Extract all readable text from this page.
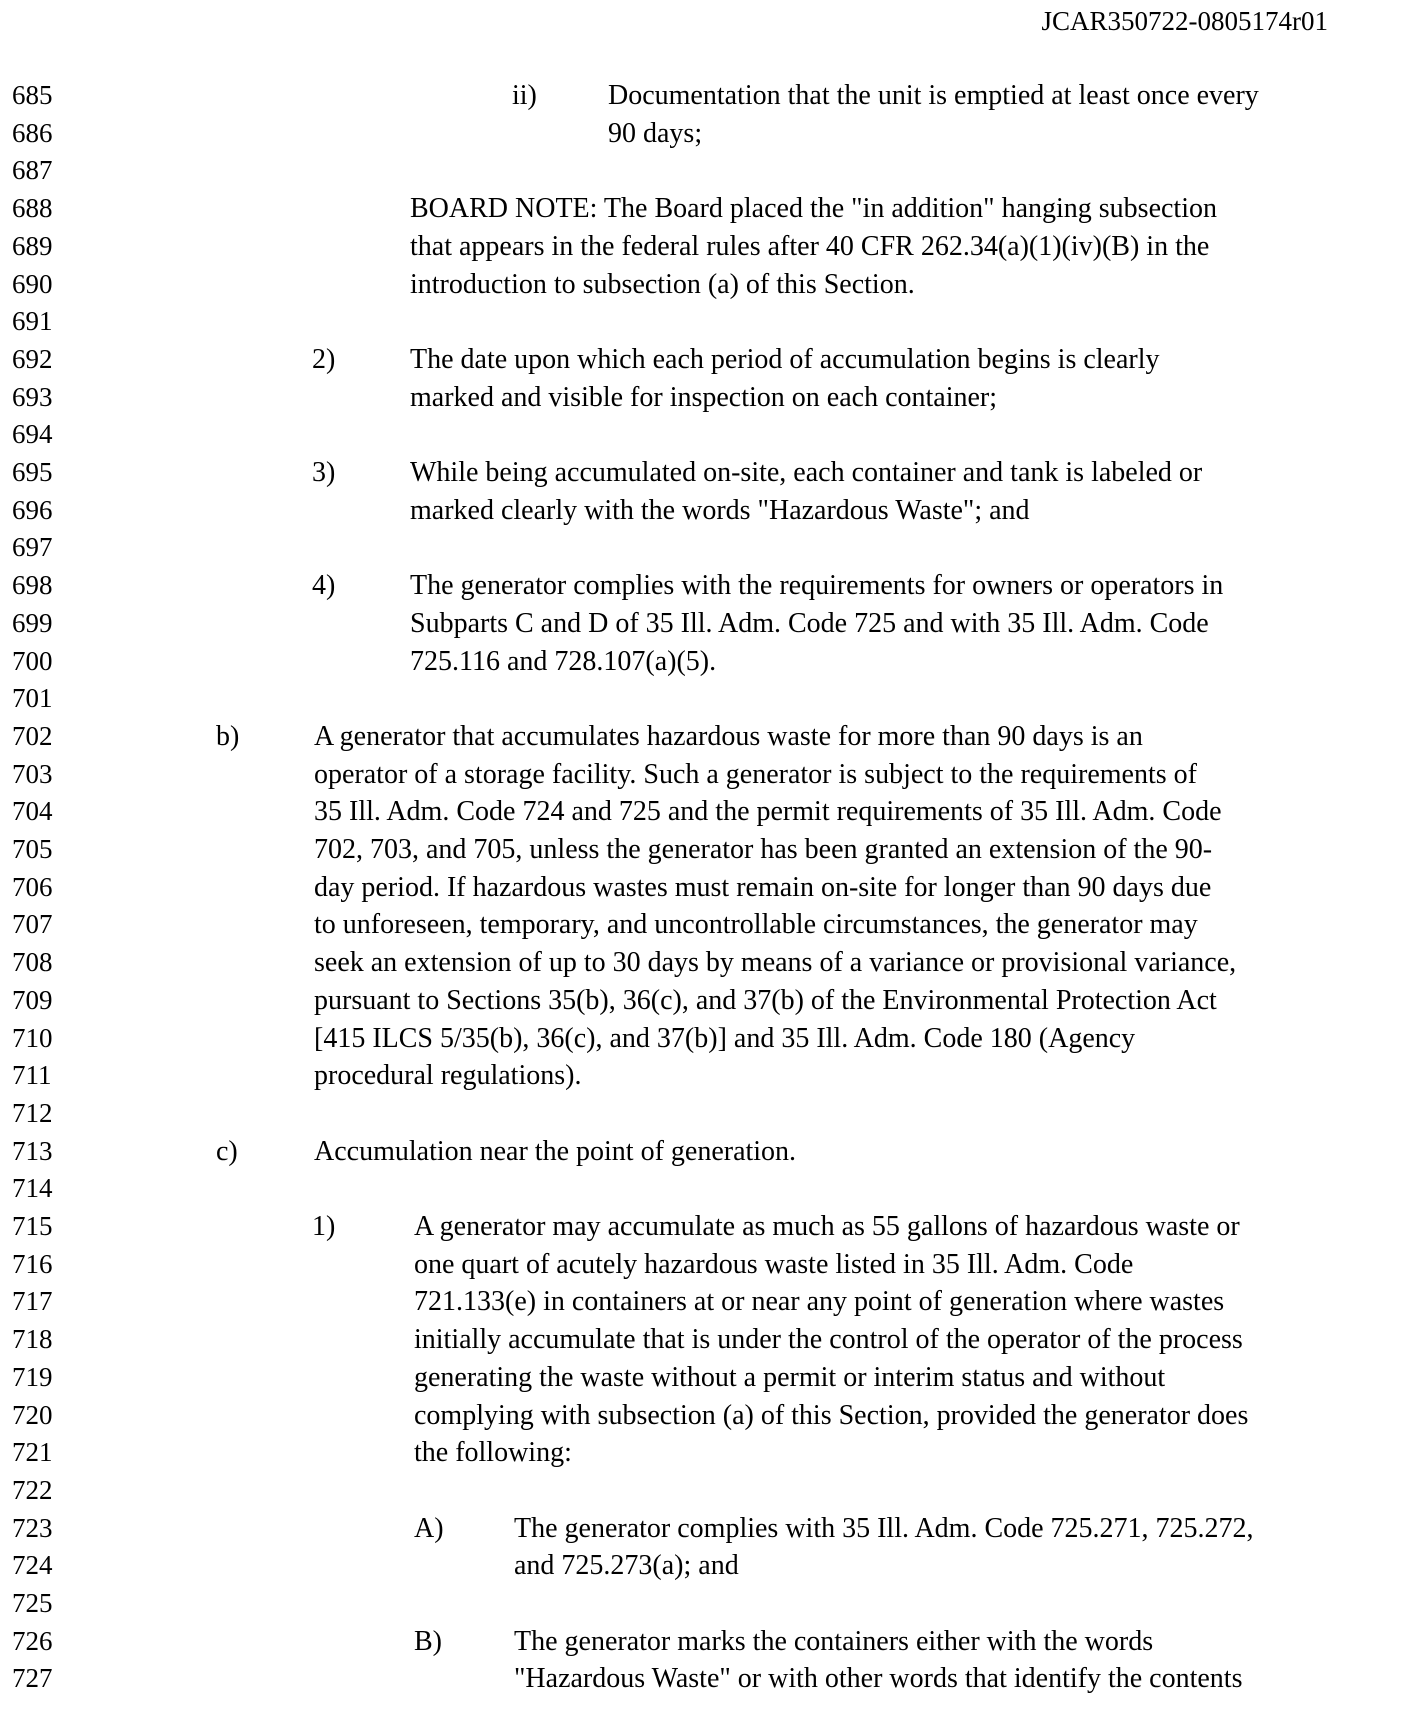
JCAR350722-0805174r01
685	ii)	Documentation that the unit is emptied at least once every
686	90 days;
687
688	BOARD NOTE: The Board placed the "in addition" hanging subsection
689	that appears in the federal rules after 40 CFR 262.34(a)(1)(iv)(B) in the
690	introduction to subsection (a) of this Section.
691
692	2)	The date upon which each period of accumulation begins is clearly
693	marked and visible for inspection on each container;
694
695	3)	While being accumulated on-site, each container and tank is labeled or
696	marked clearly with the words "Hazardous Waste"; and
697
698	4)	The generator complies with the requirements for owners or operators in
699	Subparts C and D of 35 Ill. Adm. Code 725 and with 35 Ill. Adm. Code
700	725.116 and 728.107(a)(5).
701
702	b)	A generator that accumulates hazardous waste for more than 90 days is an
703	operator of a storage facility. Such a generator is subject to the requirements of
704	35 Ill. Adm. Code 724 and 725 and the permit requirements of 35 Ill. Adm. Code
705	702, 703, and 705, unless the generator has been granted an extension of the 90-
706	day period. If hazardous wastes must remain on-site for longer than 90 days due
707	to unforeseen, temporary, and uncontrollable circumstances, the generator may
708	seek an extension of up to 30 days by means of a variance or provisional variance,
709	pursuant to Sections 35(b), 36(c), and 37(b) of the Environmental Protection Act
710	[415 ILCS 5/35(b), 36(c), and 37(b)] and 35 Ill. Adm. Code 180 (Agency
711	procedural regulations).
712
713	c)	Accumulation near the point of generation.
714
715	1)	A generator may accumulate as much as 55 gallons of hazardous waste or
716	one quart of acutely hazardous waste listed in 35 Ill. Adm. Code
717	721.133(e) in containers at or near any point of generation where wastes
718	initially accumulate that is under the control of the operator of the process
719	generating the waste without a permit or interim status and without
720	complying with subsection (a) of this Section, provided the generator does
721	the following:
722
723	A)	The generator complies with 35 Ill. Adm. Code 725.271, 725.272,
724	and 725.273(a); and
725
726	B)	The generator marks the containers either with the words
727	"Hazardous Waste" or with other words that identify the contents
